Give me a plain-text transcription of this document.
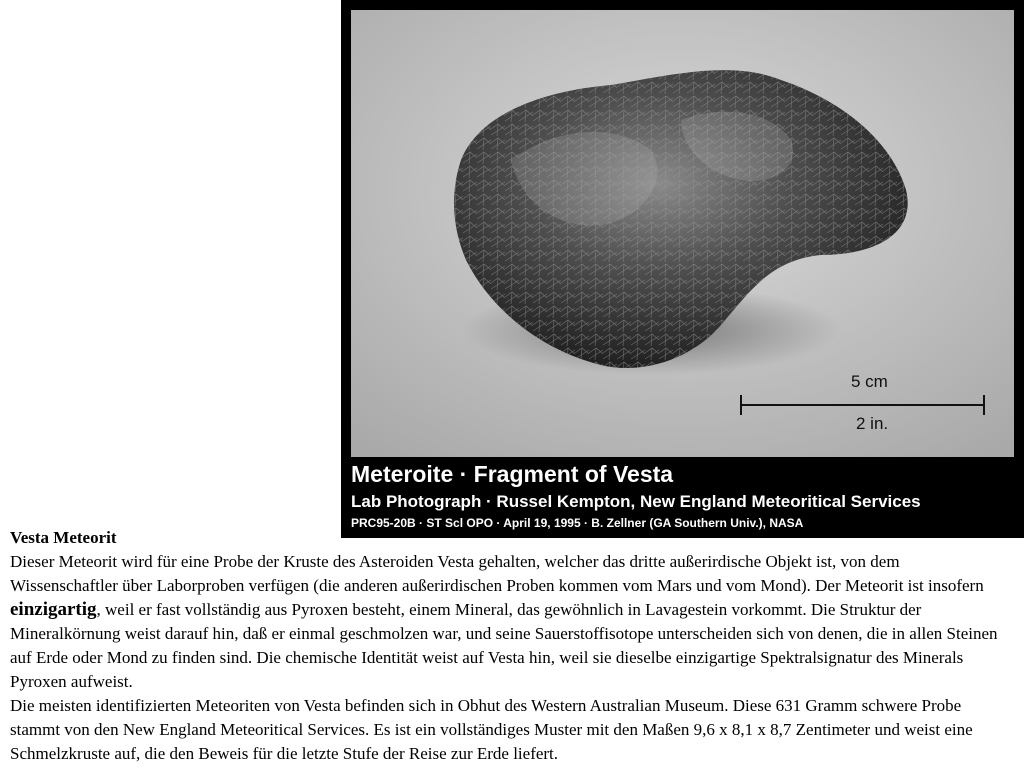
5 cm
2 in.
Meteroite · Fragment of Vesta
Lab Photograph · Russel Kempton, New England Meteoritical Services
PRC95-20B · ST Scl OPO · April 19, 1995 · B. Zellner (GA Southern Univ.), NASA

Vesta Meteorit

Dieser Meteorit wird für eine Probe der Kruste des Asteroiden Vesta gehalten, welcher das dritte außerirdische Objekt ist, von dem Wissenschaftler über Laborproben verfügen (die anderen außerirdischen Proben kommen vom Mars und vom Mond). Der Meteorit ist insofern einzigartig, weil er fast vollständig aus Pyroxen besteht, einem Mineral, das gewöhnlich in Lavagestein vorkommt. Die Struktur der Mineralkörnung weist darauf hin, daß er einmal geschmolzen war, und seine Sauerstoffisotope unterscheiden sich von denen, die in allen Steinen auf Erde oder Mond zu finden sind. Die chemische Identität weist auf Vesta hin, weil sie dieselbe einzigartige Spektralsignatur des Minerals Pyroxen aufweist.

Die meisten identifizierten Meteoriten von Vesta befinden sich in Obhut des Western Australian Museum. Diese 631 Gramm schwere Probe stammt von den New England Meteoritical Services. Es ist ein vollständiges Muster mit den Maßen 9,6 x 8,1 x 8,7 Zentimeter und weist eine Schmelzkruste auf, die den Beweis für die letzte Stufe der Reise zur Erde liefert.
